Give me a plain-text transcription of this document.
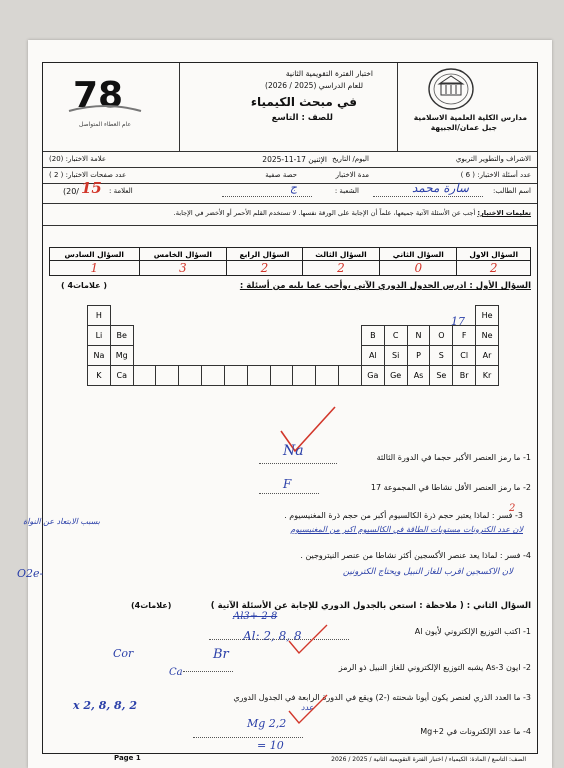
مدارس الكلية العلمية الاسلامية
جبل عمان/الجبيهة
اختبار الفترة التقويمية الثانية
للعام الدراسي (2025 / 2026)
في مبحث الكيمياء
للصف : التاسع
78
عام العطاء المتواصل
الاشراف والتطوير التربوي
اليوم/ التاريخ
الإثنين 17-11-2025
علامة الاختبار: (20)
عدد أسئلة الاختبار: ( 6 )
مدة الاختبار
حصة صفية
عدد صفحات الاختبار: ( 2 )
اسم الطالب:
سارة محمد
الشعبة :
ج
العلامة :
15
(20/
تعليمات الاختبار: أجب عن الأسئلة الآتية جميعها، علماً أن الإجابة على الورقة نفسها. لا تستخدم القلم الأحمر أو الأخضر في الإجابة.
السؤال الاول	السؤال الثاني	السؤال الثالث	السؤال الرابع	السؤال الخامس	السؤال السادس
2	0	2	2	3	1
السؤال الأول : ادرس الجدول الدوري الآتي ،وأجب عما يليه من أسئلة :
( 4علامات )
H																	He
Li	Be											B	C	N	O	F	Ne
Na	Mg											Al	Si	P	S	Cl	Ar
K	Ca											Ga	Ge	As	Se	Br	Kr
17
1- ما رمز العنصر الأكبر حجما في الدورة الثالثة
Na
2- ما رمز العنصر الأقل نشاطا في المجموعة 17
F
2
3- فسر : لماذا يعتبر حجم ذرة الكالسيوم أكبر من حجم ذرة المغنيسيوم .
لان عدد الكترونات مستويات الطاقة في الكالسيوم اكبر من المغنيسيوم
بسبب الابتعاد عن النواة
4- فسر : لماذا يعد عنصر الأكسجين أكثر نشاطا من عنصر النيتروجين .
لان الاكسجين اقرب للغاز النبيل ويحتاج الكترونين
O2e-
السؤال الثاني : ( ملاحظة : استعن بالجدول الدوري للإجابة عن الأسئلة الآتية )
(4علامات)
1- اكتب التوزيع الإلكتروني لأيون Al
Al3+ 2 8
Al: 2, 8, 8
2- ايون As-3 يشبه التوزيع الإلكتروني للغاز النبيل ذو الرمز
Br
Cor
3- ما العدد الذري لعنصر يكون أيونا شحنته (-2) ويقع في الدورة الرابعة في الجدول الدوري
Ca
x 2, 8, 8, 2
4- ما عدد الإلكترونات في Mg+2
عدد
Mg 2,2
= 10
Page 1	الصف: التاسع / المادة: الكيمياء / اختبار الفترة التقويمية الثانية / 2025 / 2026
